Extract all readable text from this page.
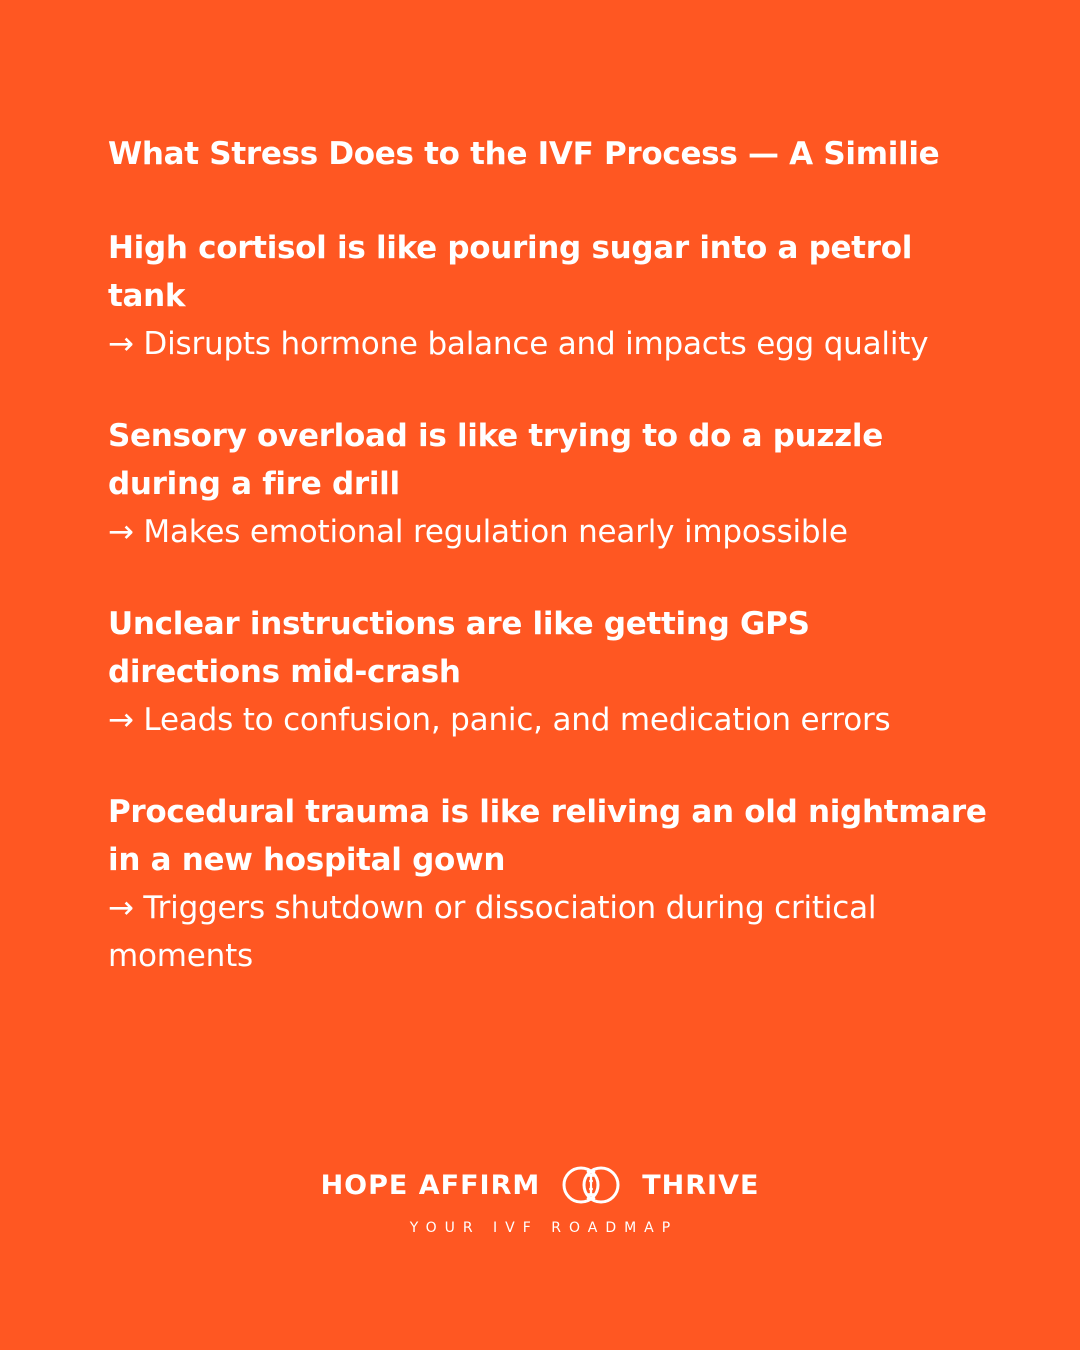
What Stress Does to the IVF Process — A Similie
High cortisol is like pouring sugar into a petrol tank
→ Disrupts hormone balance and impacts egg quality
Sensory overload is like trying to do a puzzle during a fire drill
→ Makes emotional regulation nearly impossible
Unclear instructions are like getting GPS directions mid-crash
→ Leads to confusion, panic, and medication errors
Procedural trauma is like reliving an old nightmare in a new hospital gown
→ Triggers shutdown or dissociation during critical moments
HOPE AFFIRM	THRIVE
YOUR IVF ROADMAP
